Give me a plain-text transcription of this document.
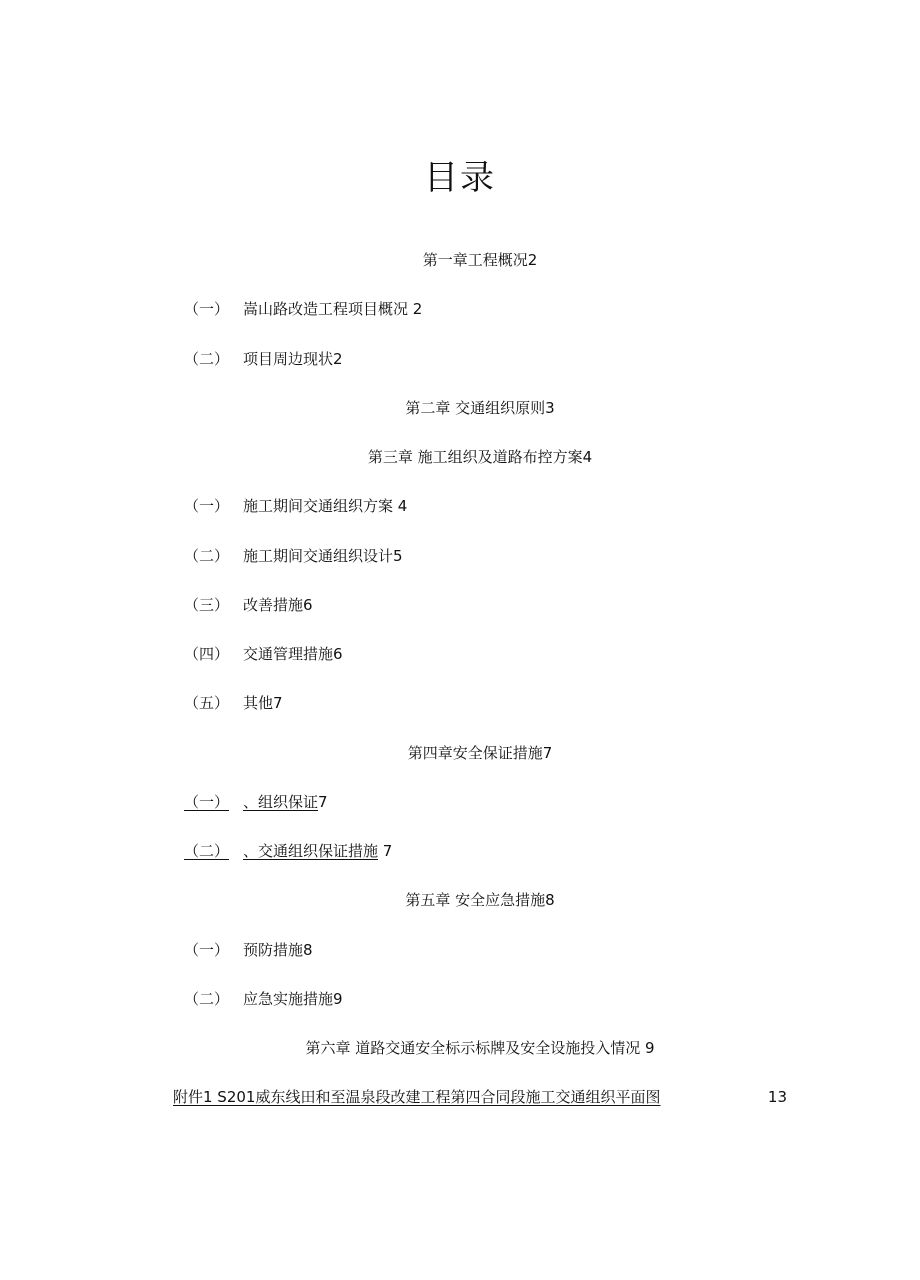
目录
第一章工程概况2
（一） 嵩山路改造工程项目概况 2
（二） 项目周边现状2
第二章 交通组织原则3
第三章 施工组织及道路布控方案4
（一） 施工期间交通组织方案 4
（二） 施工期间交通组织设计5
（三） 改善措施6
（四） 交通管理措施6
（五） 其他7
第四章安全保证措施7
（一） 、组织保证7
（二） 、交通组织保证措施 7
第五章 安全应急措施8
（一） 预防措施8
（二） 应急实施措施9
第六章 道路交通安全标示标牌及安全设施投入情况 9
附件1 S201威东线田和至温泉段改建工程第四合同段施工交通组织平面图	13
